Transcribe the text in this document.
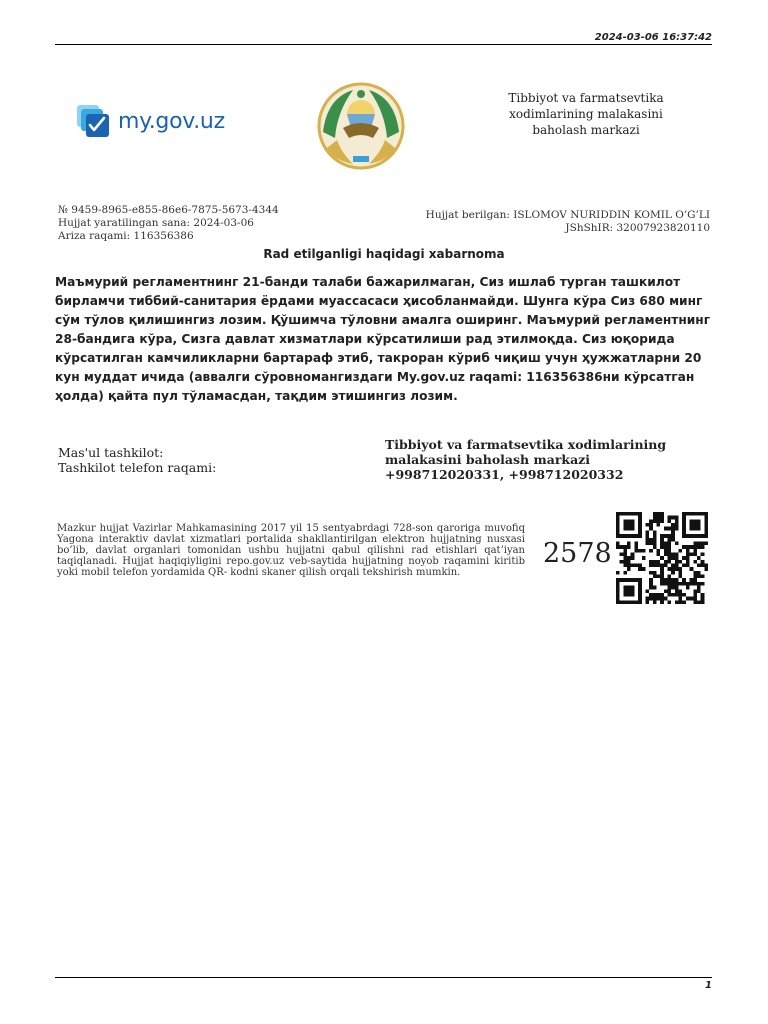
2024-03-06 16:37:42
my.gov.uz
Tibbiyot va farmatsevtika xodimlarining malakasini baholash markazi
№ 9459-8965-e855-86e6-7875-5673-4344
Hujjat yaratilingan sana: 2024-03-06
Ariza raqami: 116356386
Hujjat berilgan: ISLOMOV NURIDDIN KOMIL O’G’LI
JShShIR: 32007923820110
Rad etilganligi haqidagi xabarnoma
Маъмурий регламентнинг 21-банди талаби бажарилмаган, Сиз ишлаб турган ташкилот бирламчи тиббий-санитария ёрдами муассасаси ҳисобланмайди. Шунга кўра Сиз 680 минг сўм тўлов қилишингиз лозим. Қўшимча тўловни амалга оширинг. Маъмурий регламентнинг 28-бандига кўра, Сизга давлат хизматлари кўрсатилиши рад этилмоқда. Сиз юқорида кўрсатилган камчиликларни бартараф этиб, такроран кўриб чиқиш учун ҳужжатларни 20 кун муддат ичида (аввалги сўровномангиздаги My.gov.uz raqami: 116356386ни кўрсатган ҳолда) қайта пул тўламасдан, тақдим этишингиз лозим.
Mas'ul tashkilot:
Tashkilot telefon raqami:
Tibbiyot va farmatsevtika xodimlarining malakasini baholash markazi
+998712020331, +998712020332
Mazkur hujjat Vazirlar Mahkamasining 2017 yil 15 sentyabrdagi 728-son qaroriga muvofiq Yagona interaktiv davlat xizmatlari portalida shakllantirilgan elektron hujjatning nusxasi bo’lib, davlat organlari tomonidan ushbu hujjatni qabul qilishni rad etishlari qat’iyan taqiqlanadi. Hujjat haqiqiyligini repo.gov.uz veb-saytida hujjatning noyob raqamini kiritib yoki mobil telefon yordamida QR- kodni skaner qilish orqali tekshirish mumkin.
2578
1
